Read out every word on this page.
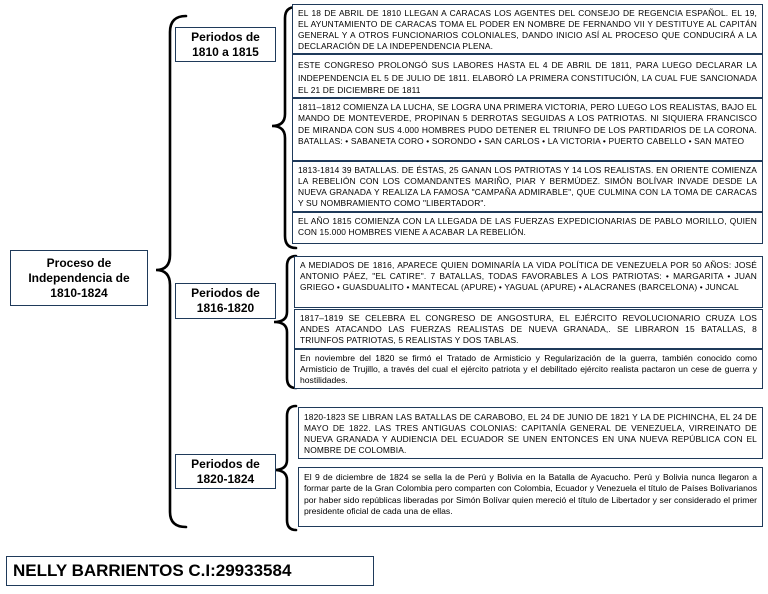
Proceso de
Independencia de
1810-1824
Periodos de
1810 a 1815
Periodos de
1816-1820
Periodos de
1820-1824
EL 18 DE ABRIL DE 1810 LLEGAN A CARACAS LOS AGENTES DEL CONSEJO DE REGENCIA ESPAÑOL. EL 19, EL AYUNTAMIENTO DE CARACAS TOMA EL PODER EN NOMBRE DE FERNANDO VII Y DESTITUYE AL CAPITÁN GENERAL Y A OTROS FUNCIONARIOS COLONIALES, DANDO INICIO ASÍ AL PROCESO QUE CONDUCIRÁ A LA DECLARACIÓN DE LA INDEPENDENCIA PLENA.
ESTE CONGRESO PROLONGÓ SUS LABORES HASTA EL 4 DE ABRIL DE 1811, PARA LUEGO DECLARAR LA INDEPENDENCIA EL 5 DE JULIO DE 1811. ELABORÓ LA PRIMERA CONSTITUCIÓN, LA CUAL FUE SANCIONADA EL 21 DE DICIEMBRE DE 1811
1811–1812 COMIENZA LA LUCHA, SE LOGRA UNA PRIMERA VICTORIA, PERO LUEGO LOS REALISTAS, BAJO EL MANDO DE MONTEVERDE, PROPINAN 5 DERROTAS SEGUIDAS A LOS PATRIOTAS. NI SIQUIERA FRANCISCO DE MIRANDA CON SUS 4.000 HOMBRES PUDO DETENER EL TRIUNFO DE LOS PARTIDARIOS DE LA CORONA. BATALLAS: • SABANETA CORO • SORONDO • SAN CARLOS • LA VICTORIA • PUERTO CABELLO • SAN MATEO
1813-1814 39 BATALLAS. DE ÉSTAS, 25 GANAN LOS PATRIOTAS Y 14 LOS REALISTAS. EN ORIENTE COMIENZA LA REBELIÓN CON LOS COMANDANTES MARIÑO, PIAR Y BERMÚDEZ. SIMÓN BOLÍVAR INVADE DESDE LA NUEVA GRANADA Y REALIZA LA FAMOSA "CAMPAÑA ADMIRABLE", QUE CULMINA CON LA TOMA DE CARACAS Y SU NOMBRAMIENTO COMO "LIBERTADOR".
EL AÑO 1815 COMIENZA CON LA LLEGADA DE LAS FUERZAS EXPEDICIONARIAS DE PABLO MORILLO, QUIEN CON 15.000 HOMBRES VIENE A ACABAR LA REBELIÓN.
A MEDIADOS DE 1816, APARECE QUIEN DOMINARÍA LA VIDA POLÍTICA DE VENEZUELA POR 50 AÑOS: JOSÉ ANTONIO PÁEZ, "EL CATIRE". 7 BATALLAS, TODAS FAVORABLES A LOS PATRIOTAS: • MARGARITA • JUAN GRIEGO • GUASDUALITO • MANTECAL (APURE) • YAGUAL (APURE) • ALACRANES (BARCELONA) • JUNCAL
1817–1819 SE CELEBRA EL CONGRESO DE ANGOSTURA, EL EJÉRCITO REVOLUCIONARIO CRUZA LOS ANDES ATACANDO LAS FUERZAS REALISTAS DE NUEVA GRANADA,. SE LIBRARON 15 BATALLAS, 8 TRIUNFOS PATRIOTAS, 5 REALISTAS Y DOS TABLAS.
En noviembre del 1820 se firmó el Tratado de Armisticio y Regularización de la guerra, también conocido como Armisticio de Trujillo, a través del cual el ejército patriota y el debilitado ejército realista pactaron un cese de guerra y hostilidades.
1820-1823 SE LIBRAN LAS BATALLAS DE CARABOBO, EL 24 DE JUNIO DE 1821 Y LA DE PICHINCHA, EL 24 DE MAYO DE 1822. LAS TRES ANTIGUAS COLONIAS: CAPITANÍA GENERAL DE VENEZUELA, VIRREINATO DE NUEVA GRANADA Y AUDIENCIA DEL ECUADOR SE UNEN ENTONCES EN UNA NUEVA REPÚBLICA CON EL NOMBRE DE COLOMBIA.
El 9 de diciembre de 1824 se sella la de Perú y Bolivia en la Batalla de Ayacucho. Perú y Bolivia nunca llegaron a formar parte de la Gran Colombia pero comparten con Colombia, Ecuador y Venezuela el título de Países Bolivarianos por haber sido repúblicas liberadas por Simón Bolívar quien mereció el título de Libertador y ser considerado el primer presidente oficial de cada una de ellas.
NELLY BARRIENTOS C.I:29933584
